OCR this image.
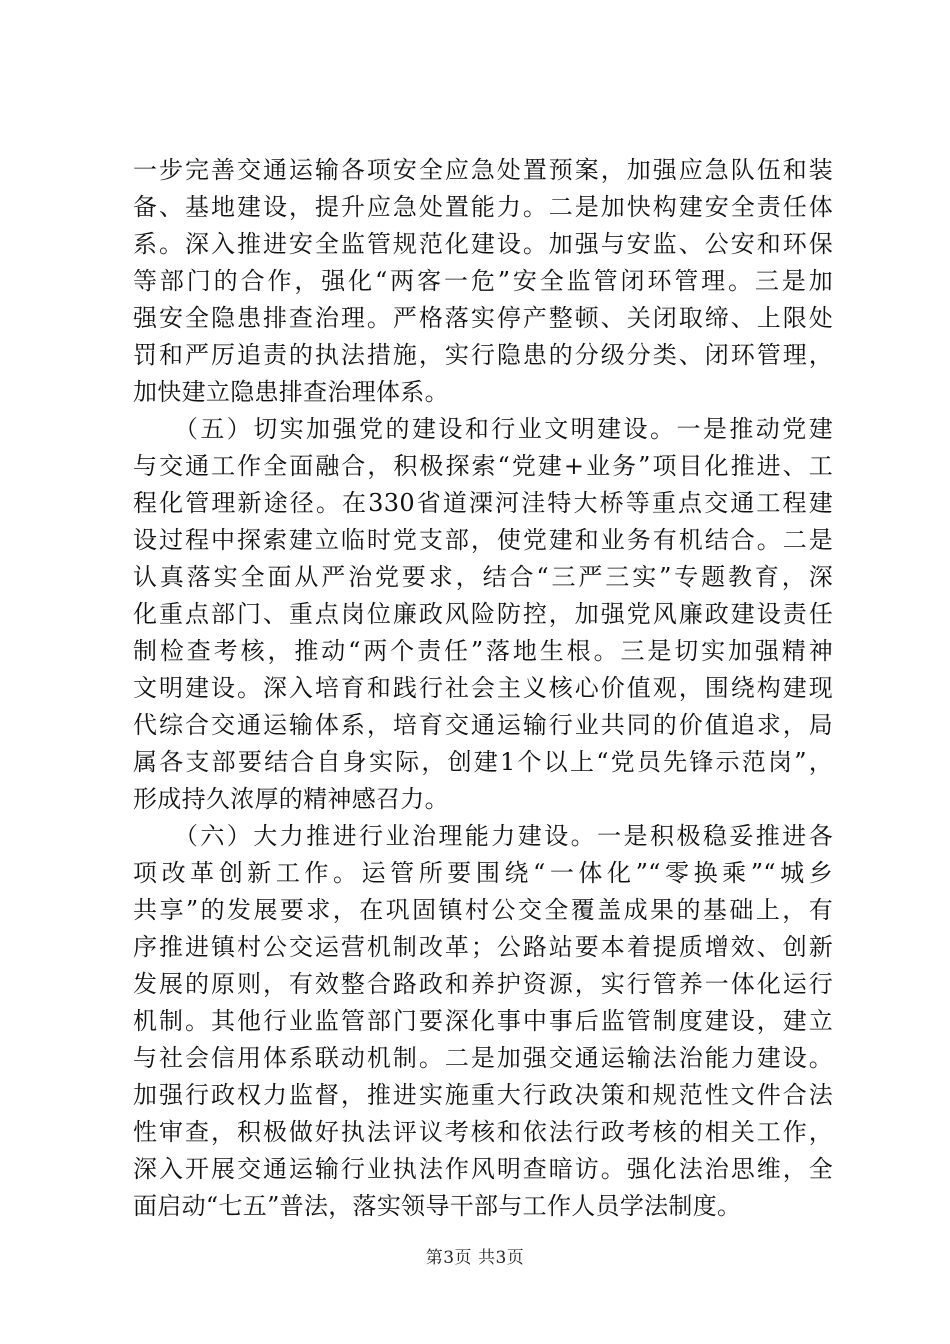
一步完善交通运输各项安全应急处置预案，加强应急队伍和装
备、基地建设，提升应急处置能力。二是加快构建安全责任体
系。深入推进安全监管规范化建设。加强与安监、公安和环保
等部门的合作，强化“两客一危”安全监管闭环管理。三是加
强安全隐患排查治理。严格落实停产整顿、关闭取缔、上限处
罚和严厉追责的执法措施，实行隐患的分级分类、闭环管理，
加快建立隐患排查治理体系。
　　（五）切实加强党的建设和行业文明建设。一是推动党建
与交通工作全面融合，积极探索“党建+业务”项目化推进、工
程化管理新途径。在330省道溧河洼特大桥等重点交通工程建
设过程中探索建立临时党支部，使党建和业务有机结合。二是
认真落实全面从严治党要求，结合“三严三实”专题教育，深
化重点部门、重点岗位廉政风险防控，加强党风廉政建设责任
制检查考核，推动“两个责任”落地生根。三是切实加强精神
文明建设。深入培育和践行社会主义核心价值观，围绕构建现
代综合交通运输体系，培育交通运输行业共同的价值追求，局
属各支部要结合自身实际，创建1个以上“党员先锋示范岗”，
形成持久浓厚的精神感召力。
　　（六）大力推进行业治理能力建设。一是积极稳妥推进各
项改革创新工作。运管所要围绕“一体化”“零换乘”“城乡
共享”的发展要求，在巩固镇村公交全覆盖成果的基础上，有
序推进镇村公交运营机制改革；公路站要本着提质增效、创新
发展的原则，有效整合路政和养护资源，实行管养一体化运行
机制。其他行业监管部门要深化事中事后监管制度建设，建立
与社会信用体系联动机制。二是加强交通运输法治能力建设。
加强行政权力监督，推进实施重大行政决策和规范性文件合法
性审查，积极做好执法评议考核和依法行政考核的相关工作，
深入开展交通运输行业执法作风明查暗访。强化法治思维，全
面启动“七五”普法，落实领导干部与工作人员学法制度。
第3页 共3页
